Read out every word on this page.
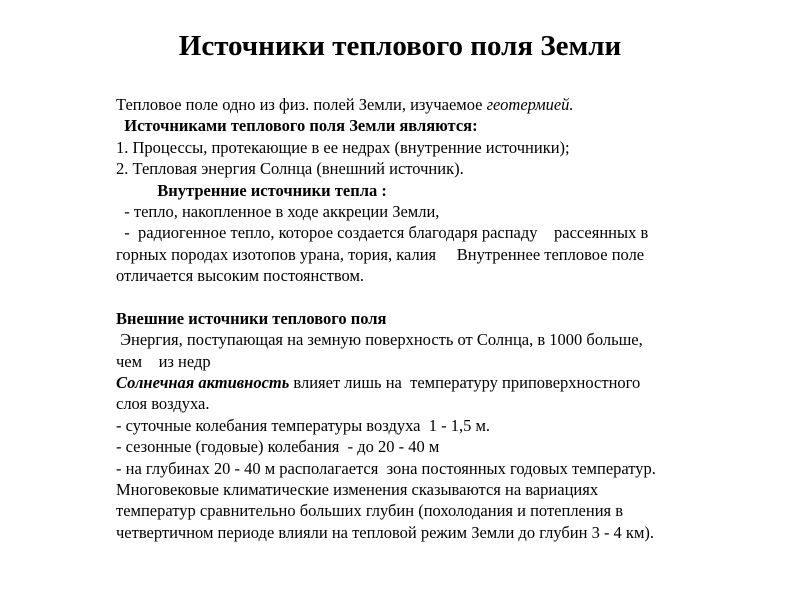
Источники теплового поля Земли
Тепловое поле одно из физ. полей Земли, изучаемое геотермией.
Источниками теплового поля Земли являются:
1. Процессы, протекающие в ее недрах (внутренние источники);
2. Тепловая энергия Солнца (внешний источник).
Внутренние источники тепла :
- тепло, накопленное в ходе аккреции Земли,
-  радиогенное тепло, которое создается благодаря распаду    рассеянных в
горных породах изотопов урана, тория, калия     Внутреннее тепловое поле
отличается высоким постоянством.
Внешние источники теплового поля
Энергия, поступающая на земную поверхность от Солнца, в 1000 больше,
чем    из недр
Солнечная активность влияет лишь на  температуру приповерхностного
слоя воздуха.
- суточные колебания температуры воздуха  1 - 1,5 м.
- сезонные (годовые) колебания  - до 20 - 40 м
- на глубинах 20 - 40 м располагается  зона постоянных годовых температур.
Многовековые климатические изменения сказываются на вариациях
температур сравнительно больших глубин (похолодания и потепления в
четвертичном периоде влияли на тепловой режим Земли до глубин 3 - 4 км).
